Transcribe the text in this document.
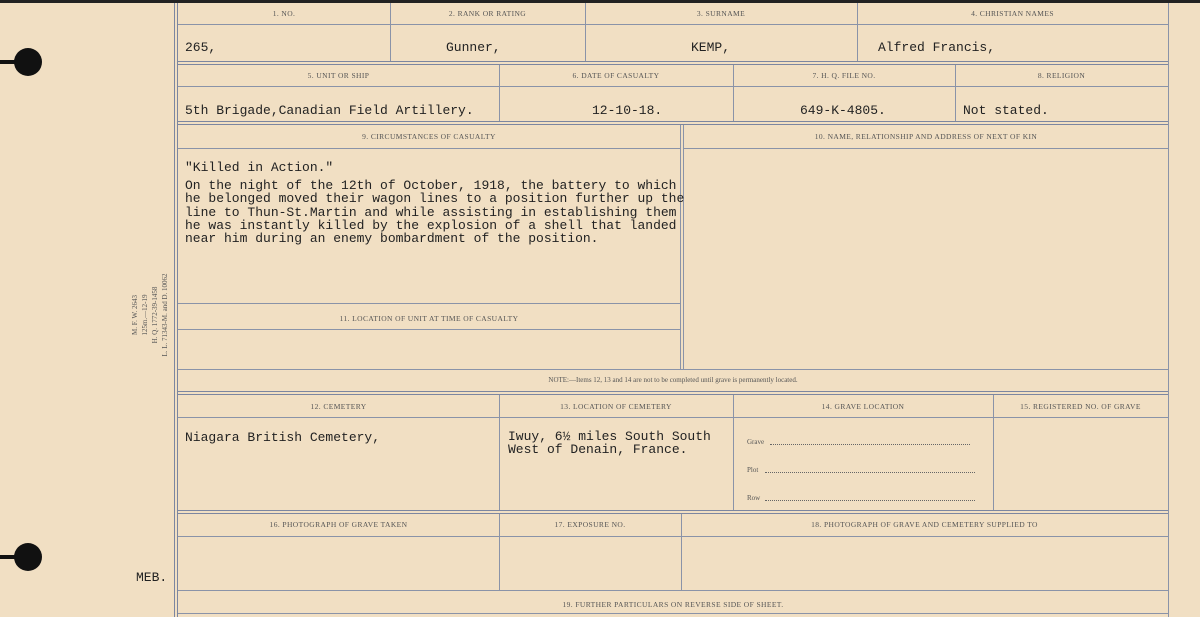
M. F. W. 2643 125m.—12-19 H. Q. 1772-39-1458 L. L. 71343-M. and D. 10062
MEB.
1. NO.	2. RANK OR RATING	3. SURNAME	4. CHRISTIAN NAMES
265,	Gunner,	KEMP,	Alfred Francis,
5. UNIT OR SHIP	6. DATE OF CASUALTY	7. H. Q. FILE NO.	8. RELIGION
5th Brigade,Canadian Field Artillery.	12-10-18.	649-K-4805.	Not stated.
9. CIRCUMSTANCES OF CASUALTY	10. NAME, RELATIONSHIP AND ADDRESS OF NEXT OF KIN
"Killed in Action."
On the night of the 12th of October, 1918, the battery to which
he belonged moved their wagon lines to a position further up the
line to Thun-St.Martin and while assisting in establishing them
he was instantly killed by the explosion of a shell that landed
near him during an enemy bombardment of the position.
11. LOCATION OF UNIT AT TIME OF CASUALTY
NOTE:—Items 12, 13 and 14 are not to be completed until grave is permanently located.
12. CEMETERY	13. LOCATION OF CEMETERY	14. GRAVE LOCATION	15. REGISTERED NO. OF GRAVE
Niagara British Cemetery,	Iwuy, 6½ miles South South
West of Denain, France.	Grave
Plot
Row
16. PHOTOGRAPH OF GRAVE TAKEN	17. EXPOSURE NO.	18. PHOTOGRAPH OF GRAVE AND CEMETERY SUPPLIED TO
19. FURTHER PARTICULARS ON REVERSE SIDE OF SHEET.
